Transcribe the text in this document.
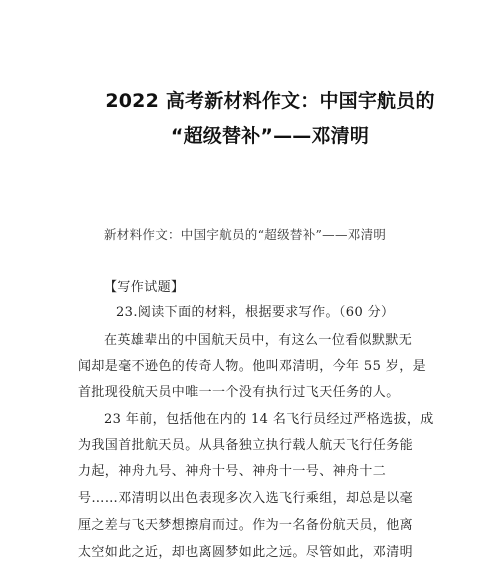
2022 高考新材料作文：中国宇航员的
“超级替补”——邓清明
新材料作文：中国宇航员的“超级替补”——邓清明
【写作试题】
23.阅读下面的材料，根据要求写作。（60 分）
在英雄辈出的中国航天员中，有这么一位看似默默无
闻却是毫不逊色的传奇人物。他叫邓清明，今年 55 岁，是
首批现役航天员中唯一一个没有执行过飞天任务的人。
23 年前，包括他在内的 14 名飞行员经过严格选拔，成
为我国首批航天员。从具备独立执行载人航天飞行任务能
力起，神舟九号、神舟十号、神舟十一号、神舟十二
号……邓清明以出色表现多次入选飞行乘组，却总是以毫
厘之差与飞天梦想擦肩而过。作为一名备份航天员，他离
太空如此之近，却也离圆梦如此之远。尽管如此，邓清明
